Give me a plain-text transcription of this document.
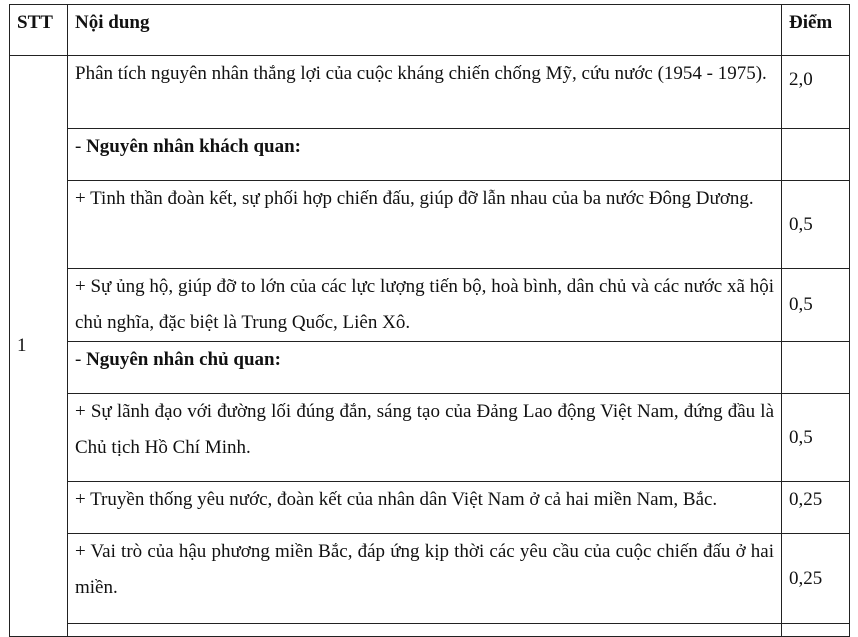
STT	Nội dung	Điểm
1	Phân tích nguyên nhân thắng lợi của cuộc kháng chiến chống Mỹ, cứu nước (1954 - 1975).	2,0
	- Nguyên nhân khách quan:	
	+ Tinh thần đoàn kết, sự phối hợp chiến đấu, giúp đỡ lẫn nhau của ba nước Đông Dương.	0,5
	+ Sự ủng hộ, giúp đỡ to lớn của các lực lượng tiến bộ, hoà bình, dân chủ và các nước xã hội chủ nghĩa, đặc biệt là Trung Quốc, Liên Xô.	0,5
	- Nguyên nhân chủ quan:	
	+ Sự lãnh đạo với đường lối đúng đắn, sáng tạo của Đảng Lao động Việt Nam, đứng đầu là Chủ tịch Hồ Chí Minh.	0,5
	+ Truyền thống yêu nước, đoàn kết của nhân dân Việt Nam ở cả hai miền Nam, Bắc.	0,25
	+ Vai trò của hậu phương miền Bắc, đáp ứng kịp thời các yêu cầu của cuộc chiến đấu ở hai miền.	0,25
